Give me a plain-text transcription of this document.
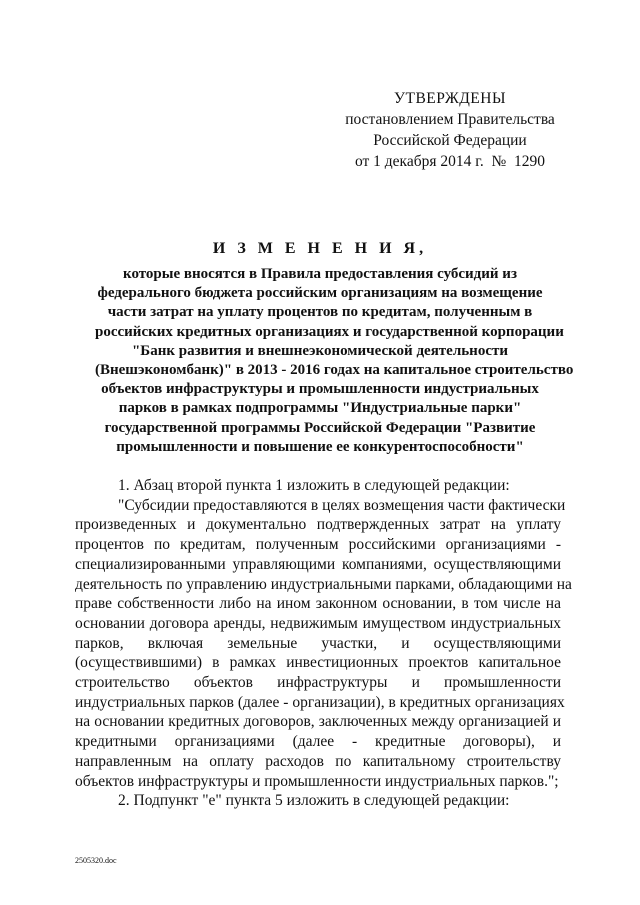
УТВЕРЖДЕНЫ
постановлением Правительства
Российской Федерации
от 1 декабря 2014 г.  №  1290
И З М Е Н Е Н И Я,
которые вносятся в Правила предоставления субсидий из
федерального бюджета российским организациям на возмещение
части затрат на уплату процентов по кредитам, полученным в
российских кредитных организациях и государственной корпорации
"Банк развития и внешнеэкономической деятельности
(Внешэкономбанк)" в 2013 - 2016 годах на капитальное строительство
объектов инфраструктуры и промышленности индустриальных
парков в рамках подпрограммы "Индустриальные парки"
государственной программы Российской Федерации "Развитие
промышленности и повышение ее конкурентоспособности"
1. Абзац второй пункта 1 изложить в следующей редакции:
"Субсидии предоставляются в целях возмещения части фактически
произведенных и документально подтвержденных затрат на уплату
процентов по кредитам, полученным российскими организациями -
специализированными управляющими компаниями, осуществляющими
деятельность по управлению индустриальными парками, обладающими на
праве собственности либо на ином законном основании, в том числе на
основании договора аренды, недвижимым имуществом индустриальных
парков, включая земельные участки, и осуществляющими
(осуществившими) в рамках инвестиционных проектов капитальное
строительство объектов инфраструктуры и промышленности
индустриальных парков (далее - организации), в кредитных организациях
на основании кредитных договоров, заключенных между организацией и
кредитными организациями (далее - кредитные договоры), и
направленным на оплату расходов по капитальному строительству
объектов инфраструктуры и промышленности индустриальных парков.";
2. Подпункт "е" пункта 5 изложить в следующей редакции:
2505320.doc
